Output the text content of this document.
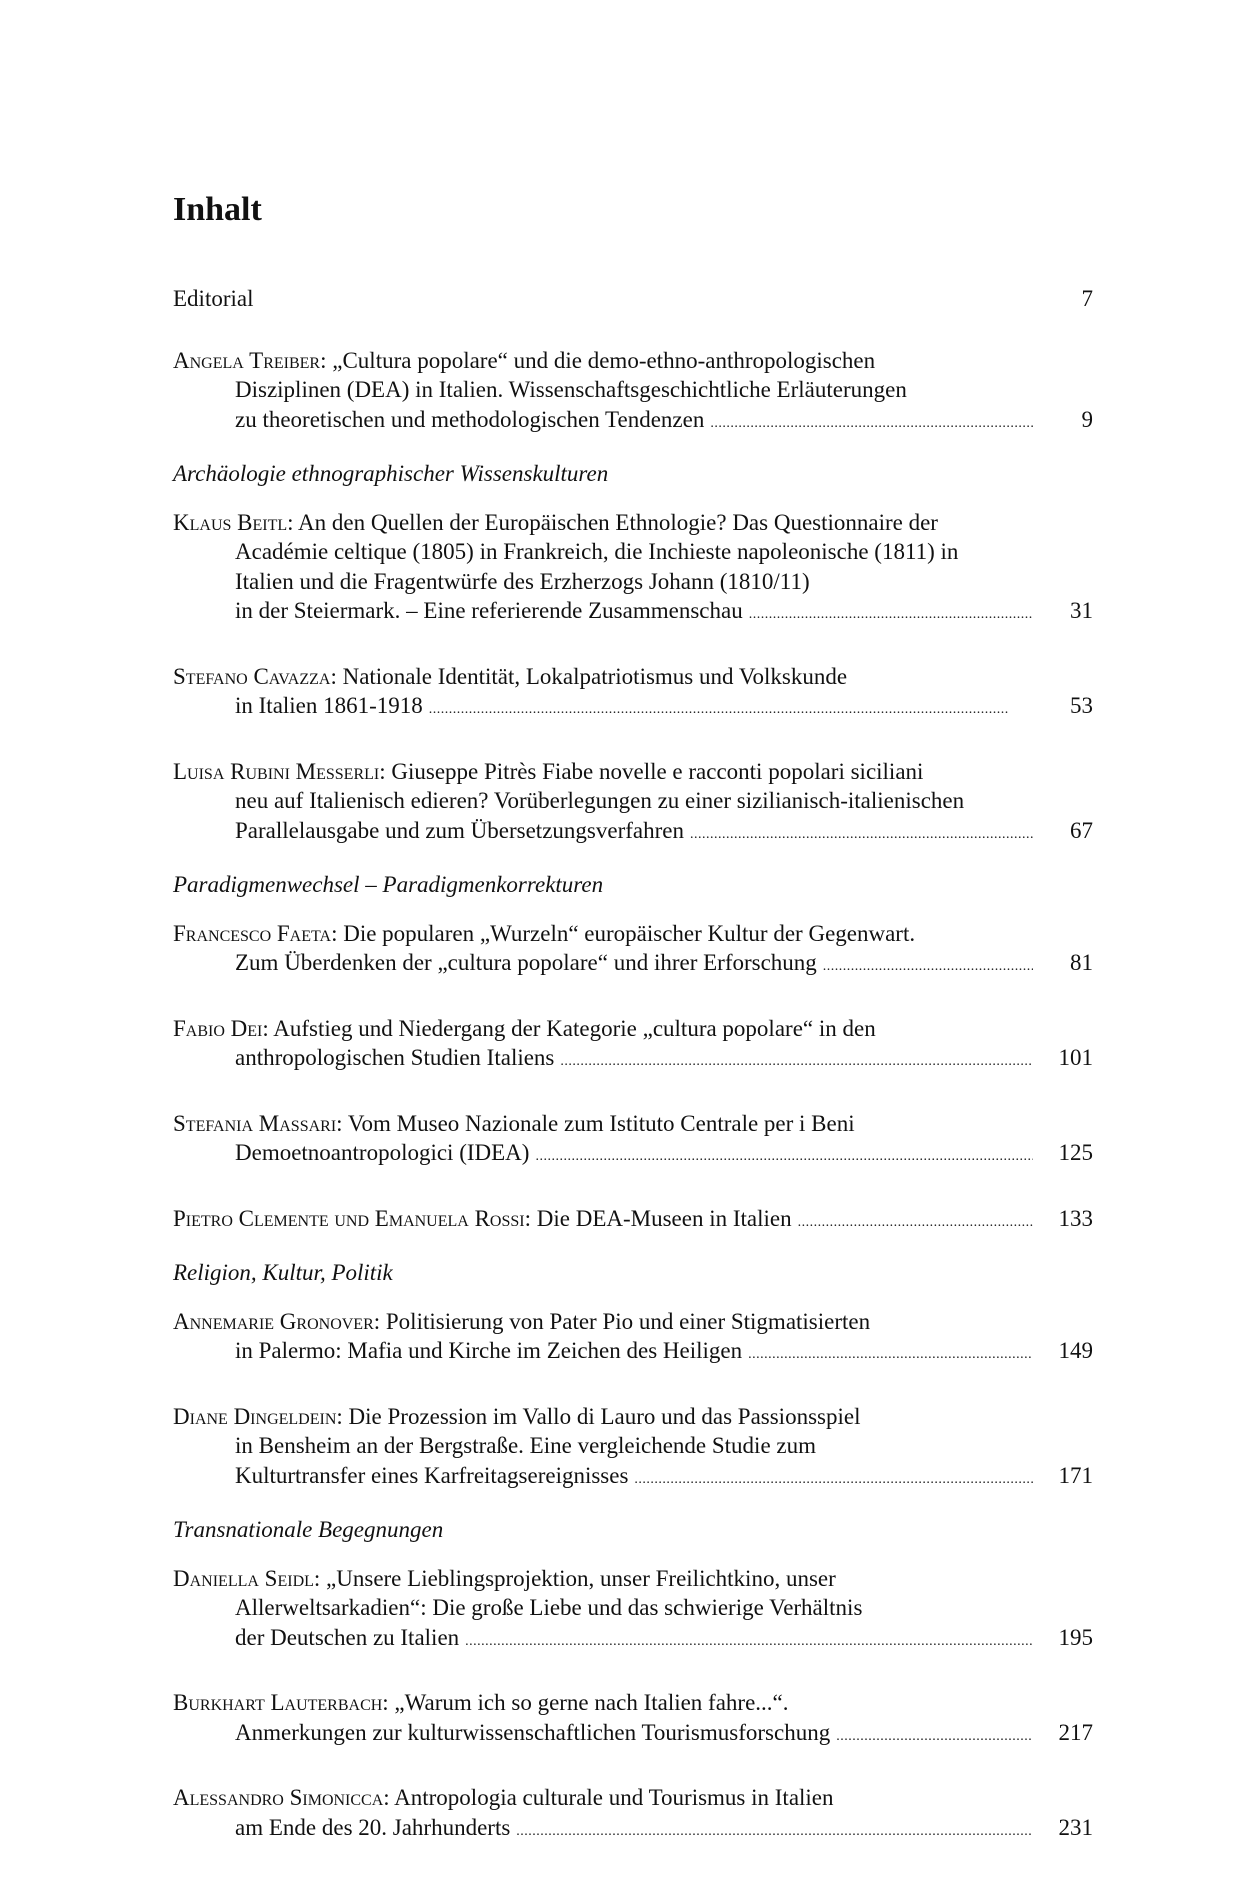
Inhalt
Editorial	7
Angela Treiber : „Cultura popolare“ und die demo-ethno-anthropologischen
Disziplinen (DEA) in Italien. Wissenschaftsgeschichtliche Erläuterungen
zu theoretischen und methodologischen Tendenzen . . .	9
Archäologie ethnographischer Wissenskulturen
Klaus Beitl : An den Quellen der Europäischen Ethnologie? Das Questionnaire der
Académie celtique (1805) in Frankreich, die Inchieste napoleonische (1811) in
Italien und die Fragentwürfe des Erzherzogs Johann (1810/11)
in der Steiermark. – Eine referierende Zusammenschau . . .	31
Stefano Cavazza : Nationale Identität, Lokalpatriotismus und Volkskunde
in Italien 1861-1918 . . .	53
Luisa Rubini Messerli : Giuseppe Pitrès Fiabe novelle e racconti popolari siciliani
neu auf Italienisch edieren? Vorüberlegungen zu einer sizilianisch-italienischen
Parallelausgabe und zum Übersetzungsverfahren . . .	67
Paradigmenwechsel – Paradigmenkorrekturen
Francesco Faeta : Die popularen „Wurzeln“ europäischer Kultur der Gegenwart.
Zum Überdenken der „cultura popolare“ und ihrer Erforschung . . .	81
Fabio Dei : Aufstieg und Niedergang der Kategorie „cultura popolare“ in den
anthropologischen Studien Italiens . . .	101
Stefania Massari : Vom Museo Nazionale zum Istituto Centrale per i Beni
Demoetnoantropologici (IDEA) . . .	125
Pietro Clemente und Emanuela Rossi : Die DEA-Museen in Italien . . .	133
Religion, Kultur, Politik
Annemarie Gronover : Politisierung von Pater Pio und einer Stigmatisierten
in Palermo: Mafia und Kirche im Zeichen des Heiligen . . .	149
Diane Dingeldein : Die Prozession im Vallo di Lauro und das Passionsspiel
in Bensheim an der Bergstraße. Eine vergleichende Studie zum
Kulturtransfer eines Karfreitagsereignisses . . .	171
Transnationale Begegnungen
Daniella Seidl : „Unsere Lieblingsprojektion, unser Freilichtkino, unser
Allerweltsarkadien“: Die große Liebe und das schwierige Verhältnis
der Deutschen zu Italien . . .	195
Burkhart Lauterbach : „Warum ich so gerne nach Italien fahre...“.
Anmerkungen zur kulturwissenschaftlichen Tourismusforschung . . .	217
Alessandro Simonicca : Antropologia culturale und Tourismus in Italien
am Ende des 20. Jahrhunderts . . .	231
